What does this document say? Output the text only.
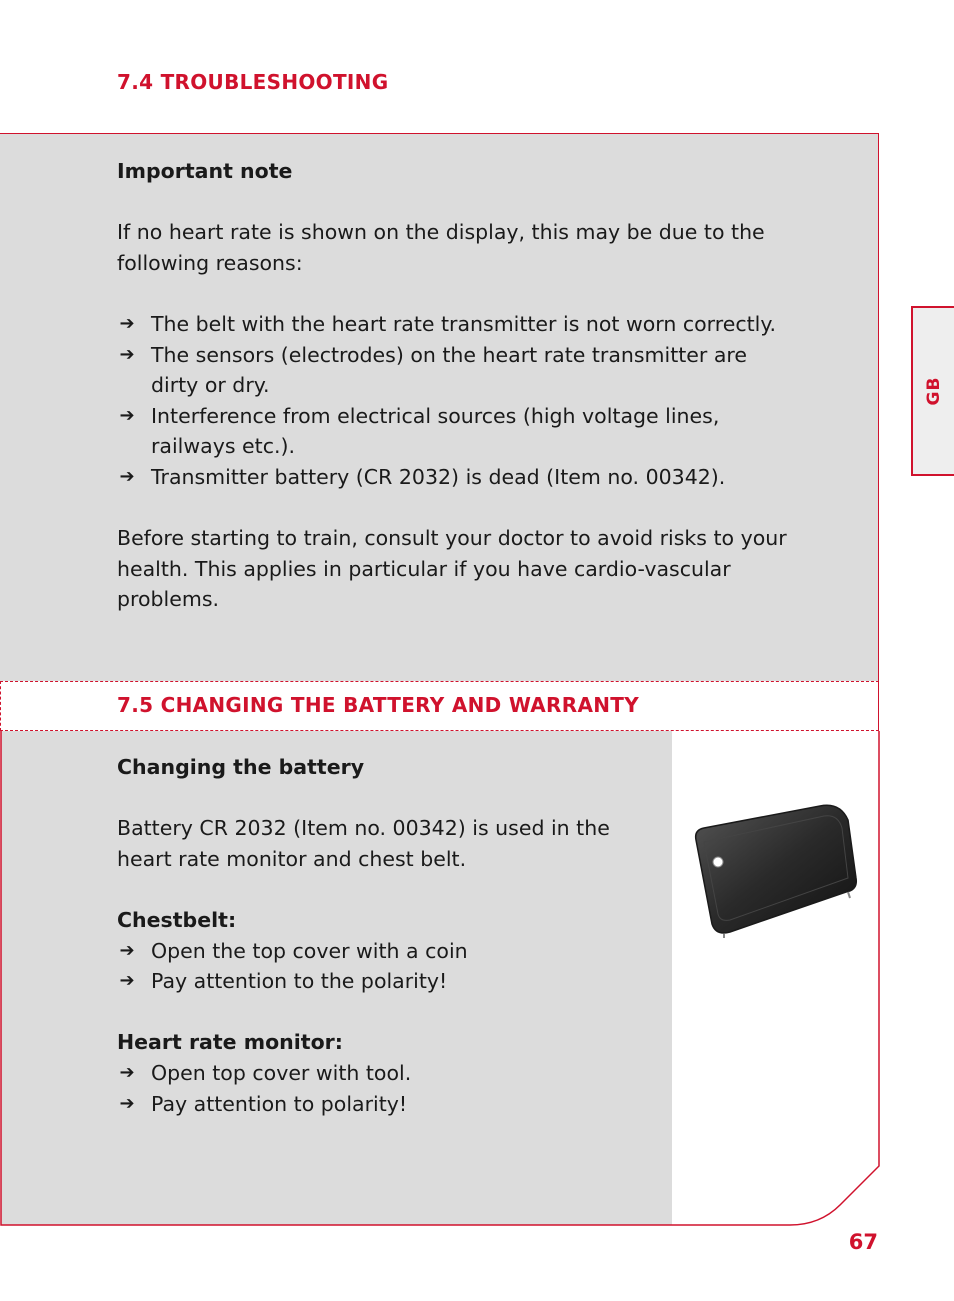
7.4 TROUBLESHOOTING

Important note

If no heart rate is shown on the display, this may be due to the following reasons:

➔ The belt with the heart rate transmitter is not worn correctly.
➔ The sensors (electrodes) on the heart rate transmitter are dirty or dry.
➔ Interference from electrical sources (high voltage lines, railways etc.).
➔ Transmitter battery (CR 2032) is dead (Item no. 00342).

Before starting to train, consult your doctor to avoid risks to your health. This applies in particular if you have cardio-vascular problems.

7.5 CHANGING THE BATTERY AND WARRANTY

Changing the battery

Battery CR 2032 (Item no. 00342) is used in the heart rate monitor and chest belt.

Chestbelt:

➔ Open the top cover with a coin
➔ Pay attention to the polarity!

Heart rate monitor:

➔ Open top cover with tool.
➔ Pay attention to polarity!
GB
67
